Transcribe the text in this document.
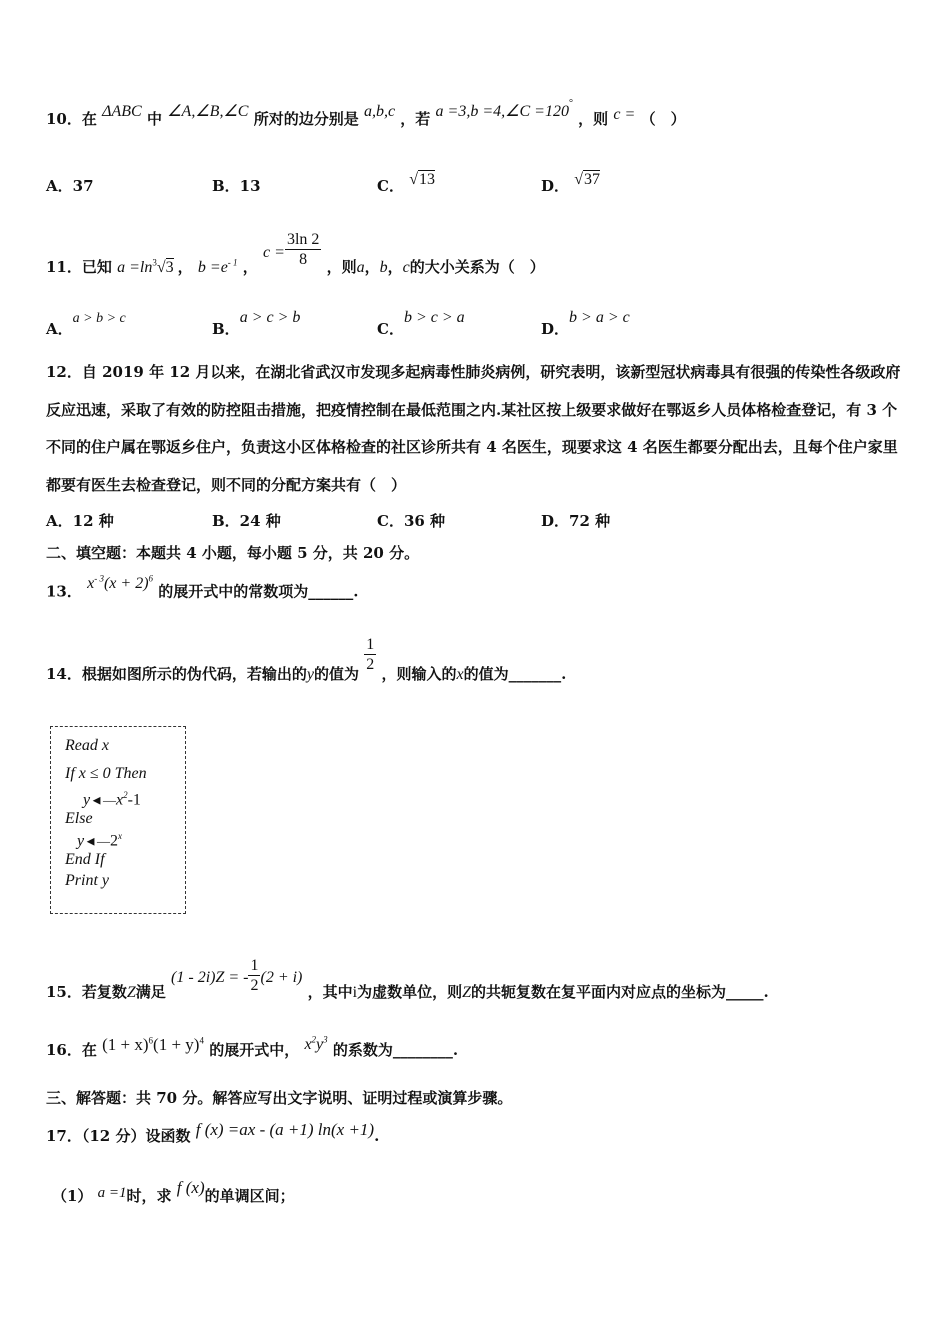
10．在 ΔABC 中 ∠A,∠B,∠C 所对的边分别是 a,b,c ，若 a =3,b =4,∠C =120° ，则 c = （　）
A．37	B．13	C． √13	D． √37
11．已知 $a =\ln^3√3$ ， $b =e^{- 1}$ ， $c = \frac{3\ln 2}{8}$ ，则a，b，c的大小关系为（　）
A．a > b > c
B．a > c > b
C．b > c > a
D．b > a > c
12．自 2019 年 12 月以来，在湖北省武汉市发现多起病毒性肺炎病例，研究表明，该新型冠状病毒具有很强的传染性各级政府反应迅速，采取了有效的防控阻击措施，把疫情控制在最低范围之内.某社区按上级要求做好在鄂返乡人员体格检查登记，有 3 个不同的住户属在鄂返乡住户，负责这小区体格检查的社区诊所共有 4 名医生，现要求这 4 名医生都要分配出去，且每个住户家里都要有医生去检查登记，则不同的分配方案共有（　）
A．12 种	B．24 种	C．36 种	D．72 种
二、填空题：本题共 4 小题，每小题 5 分，共 20 分。
13． $x^{- 3}(x + 2)^6$ 的展开式中的常数项为______.
14．根据如图所示的伪代码，若输出的y的值为 $\frac{1}{2}$ ，则输入的x的值为_______.
Read x
If x ≤ 0 Then
$y◄—x^2-1$
Else
y◄—2$^x$
End If
Print y
15．若复数Z满足 (1 - 2i)Z = - $\frac{1}{2} (2 + i)$ ，其中i为虚数单位，则Z的共轭复数在复平面内对应点的坐标为_____.
16．在 $(1 + x)^6(1 + y)^4$ 的展开式中， $x^2y^3$ 的系数为________.
三、解答题：共 70 分。解答应写出文字说明、证明过程或演算步骤。
17．（12 分）设函数 f (x) =ax - (a +1) ln(x +1).
（1） a =1时，求 f (x)的单调区间；
